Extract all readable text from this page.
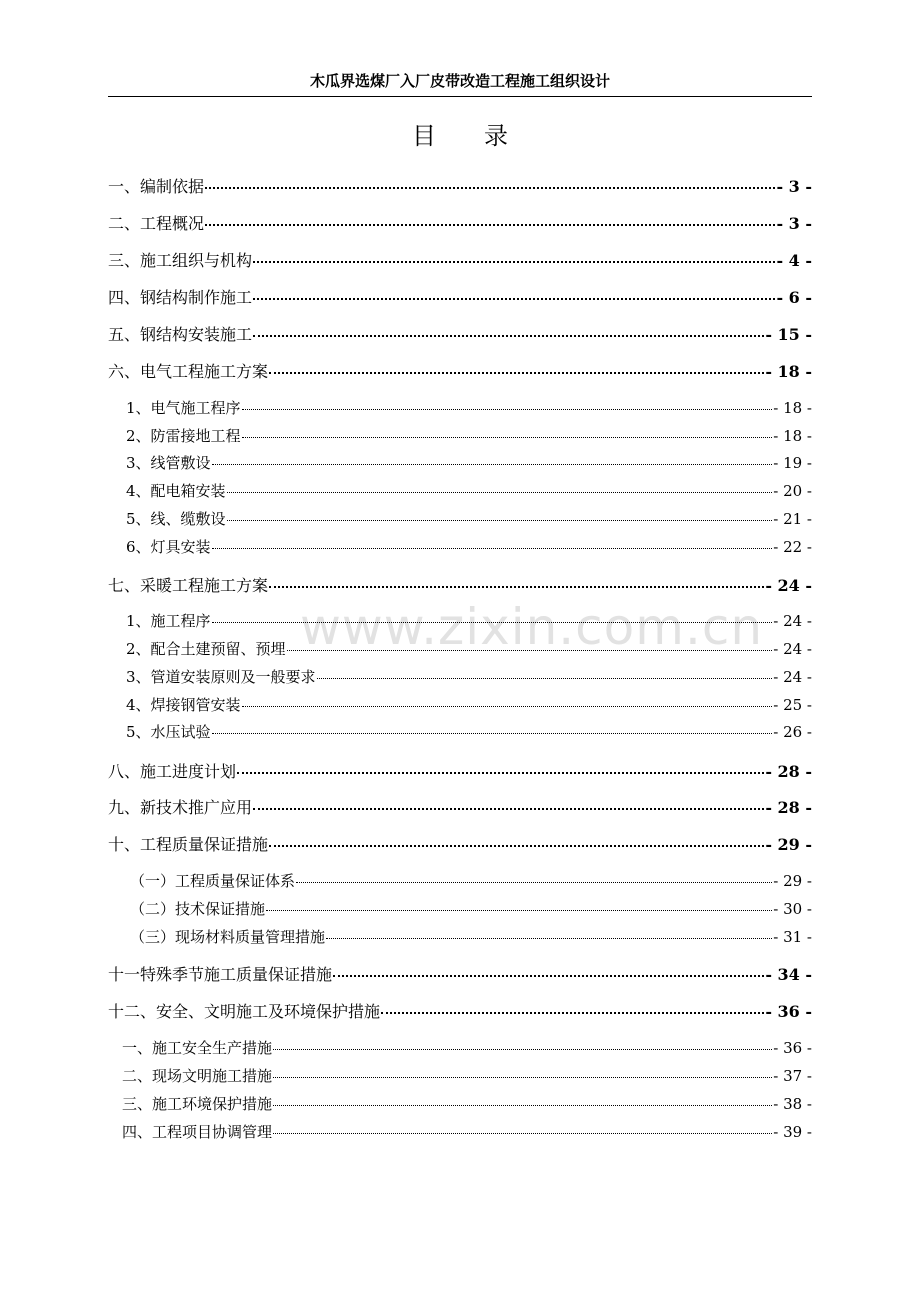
木瓜界选煤厂入厂皮带改造工程施工组织设计
目录
www.zixin.com.cn
一、编制依据	- 3 -
二、工程概况	- 3 -
三、施工组织与机构	- 4 -
四、钢结构制作施工	- 6 -
五、钢结构安装施工	- 15 -
六、电气工程施工方案	- 18 -
1、电气施工程序	- 18 -
2、防雷接地工程	- 18 -
3、线管敷设	- 19 -
4、配电箱安装	- 20 -
5、线、缆敷设	- 21 -
6、灯具安装	- 22 -
七、采暖工程施工方案	- 24 -
1、施工程序	- 24 -
2、配合土建预留、预埋	- 24 -
3、管道安装原则及一般要求	- 24 -
4、焊接钢管安装	- 25 -
5、水压试验	- 26 -
八、施工进度计划	- 28 -
九、新技术推广应用	- 28 -
十、工程质量保证措施	- 29 -
（一）工程质量保证体系	- 29 -
（二）技术保证措施	- 30 -
（三）现场材料质量管理措施	- 31 -
十一特殊季节施工质量保证措施	- 34 -
十二、安全、文明施工及环境保护措施	- 36 -
一、施工安全生产措施	- 36 -
二、现场文明施工措施	- 37 -
三、施工环境保护措施	- 38 -
四、工程项目协调管理	- 39 -
